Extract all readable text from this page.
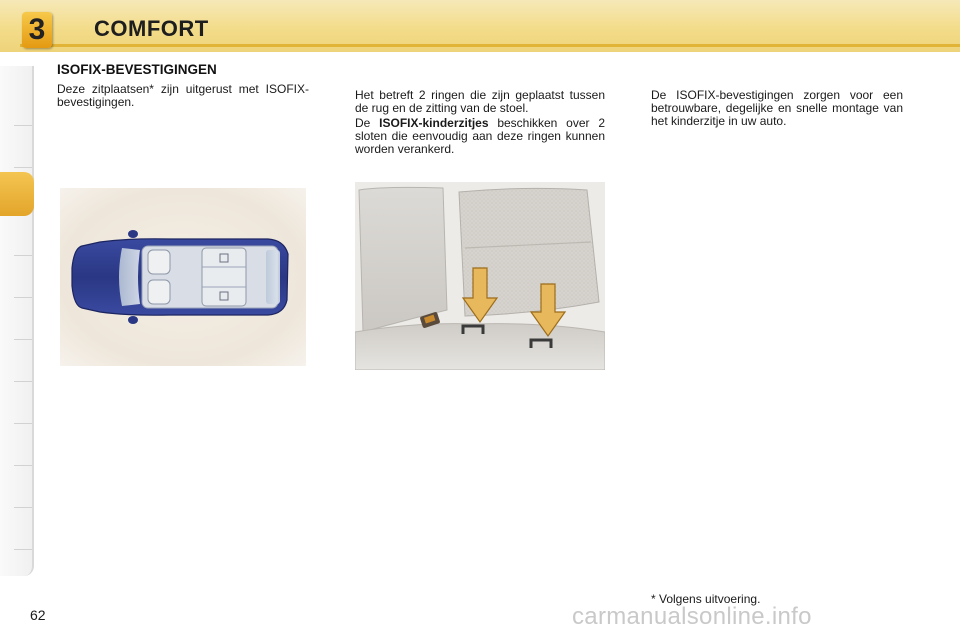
3	COMFORT
ISOFIX-BEVESTIGINGEN
Deze zitplaatsen* zijn uitgerust met ISOFIX-bevestigingen.	Het betreft 2 ringen die zijn geplaatst tussen de rug en de zitting van de stoel.

De ISOFIX-kinderzitjes beschikken over 2 sloten die eenvoudig aan deze ringen kunnen worden verankerd.

De ISOFIX-bevestigingen zorgen voor een betrouwbare, degelijke en snelle montage van het kinderzitje in uw auto.
* Volgens uitvoering.
62	carmanualsonline.info
